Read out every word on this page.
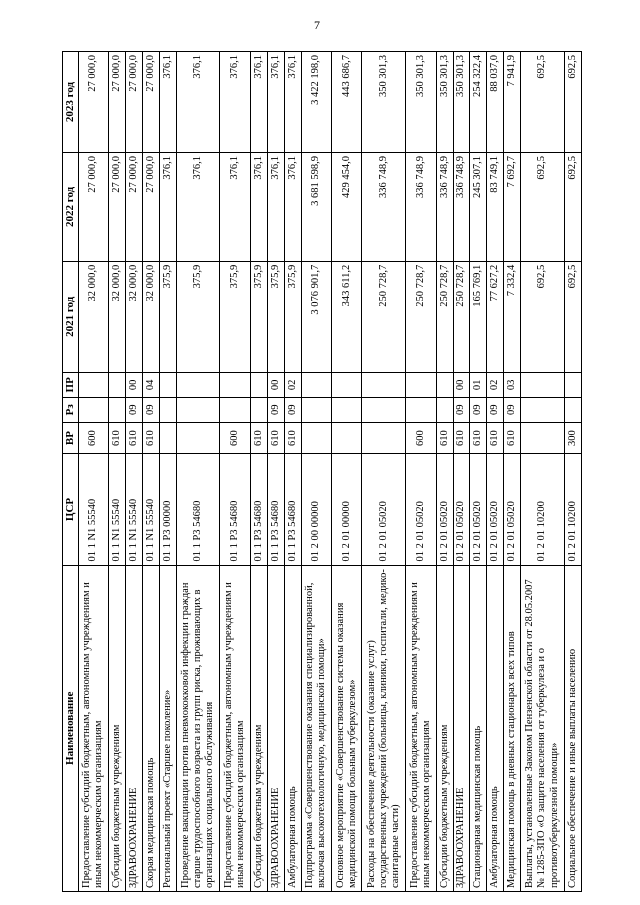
7
Наименование	ЦСР	ВР	Рз	ПР	2021 год	2022 год	2023 год
Предоставление субсидий бюджетным, автономным учреждениям и иным некоммерческим организациям	01 1 N1 55540	600			32 000,0	27 000,0	27 000,0
Субсидии бюджетным учреждениям	01 1 N1 55540	610			32 000,0	27 000,0	27 000,0
ЗДРАВООХРАНЕНИЕ	01 1 N1 55540	610	09	00	32 000,0	27 000,0	27 000,0
Скорая медицинская помощь	01 1 N1 55540	610	09	04	32 000,0	27 000,0	27 000,0
Региональный проект «Старшее поколение»	01 1 P3 00000				375,9	376,1	376,1
Проведение вакцинации против пневмококковой инфекции граждан старше трудоспособного возраста из групп риска, проживающих в организациях социального обслуживания	01 1 P3 54680				375,9	376,1	376,1
Предоставление субсидий бюджетным, автономным учреждениям и иным некоммерческим организациям	01 1 P3 54680	600			375,9	376,1	376,1
Субсидии бюджетным учреждениям	01 1 P3 54680	610			375,9	376,1	376,1
ЗДРАВООХРАНЕНИЕ	01 1 P3 54680	610	09	00	375,9	376,1	376,1
Амбулаторная помощь	01 1 P3 54680	610	09	02	375,9	376,1	376,1
Подпрограмма «Совершенствование оказания специализированной, включая высокотехнологичную, медицинской помощи»	01 2 00 00000				3 076 901,7	3 681 598,9	3 422 198,0
Основное мероприятие «Совершенствование системы оказания медицинской помощи больным туберкулезом»	01 2 01 00000				343 611,2	429 454,0	443 686,7
Расходы на обеспечение деятельности (оказание услуг) государственных учреждений (больницы, клиники, госпитали, медико-санитарные части)	01 2 01 05020				250 728,7	336 748,9	350 301,3
Предоставление субсидий бюджетным, автономным учреждениям и иным некоммерческим организациям	01 2 01 05020	600			250 728,7	336 748,9	350 301,3
Субсидии бюджетным учреждениям	01 2 01 05020	610			250 728,7	336 748,9	350 301,3
ЗДРАВООХРАНЕНИЕ	01 2 01 05020	610	09	00	250 728,7	336 748,9	350 301,3
Стационарная медицинская помощь	01 2 01 05020	610	09	01	165 769,1	245 307,1	254 322,4
Амбулаторная помощь	01 2 01 05020	610	09	02	77 627,2	83 749,1	88 037,0
Медицинская помощь в дневных стационарах всех типов	01 2 01 05020	610	09	03	7 332,4	7 692,7	7 941,9
Выплаты, установленные Законом Пензенской области от 28.05.2007 № 1285-ЗПО «О защите населения от туберкулеза и о противотуберкулезной помощи»	01 2 01 10200				692,5	692,5	692,5
Социальное обеспечение и иные выплаты населению	01 2 01 10200	300			692,5	692,5	692,5
